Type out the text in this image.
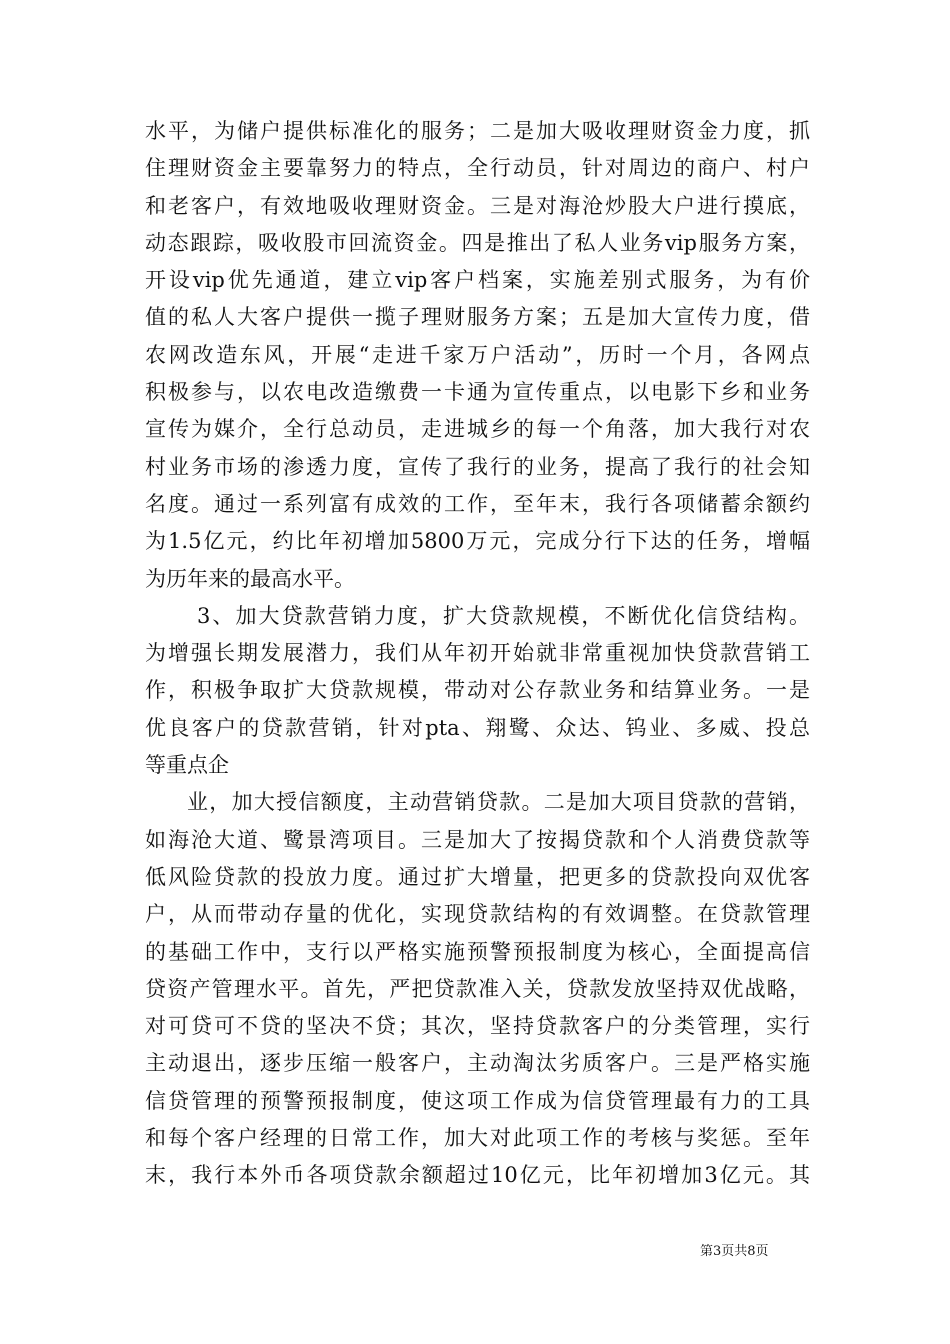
水平，为储户提供标准化的服务；二是加大吸收理财资金力度，抓
住理财资金主要靠努力的特点，全行动员，针对周边的商户、村户
和老客户，有效地吸收理财资金。三是对海沧炒股大户进行摸底，
动态跟踪，吸收股市回流资金。四是推出了私人业务vip服务方案，
开设vip优先通道，建立vip客户档案，实施差别式服务，为有价
值的私人大客户提供一揽子理财服务方案；五是加大宣传力度，借
农网改造东风，开展“走进千家万户活动”，历时一个月，各网点
积极参与，以农电改造缴费一卡通为宣传重点，以电影下乡和业务
宣传为媒介，全行总动员，走进城乡的每一个角落，加大我行对农
村业务市场的渗透力度，宣传了我行的业务，提高了我行的社会知
名度。通过一系列富有成效的工作，至年末，我行各项储蓄余额约
为1.5亿元，约比年初增加5800万元，完成分行下达的任务，增幅
为历年来的最高水平。
3、加大贷款营销力度，扩大贷款规模，不断优化信贷结构。
为增强长期发展潜力，我们从年初开始就非常重视加快贷款营销工
作，积极争取扩大贷款规模，带动对公存款业务和结算业务。一是
优良客户的贷款营销，针对pta、翔鹭、众达、钨业、多威、投总
等重点企
业，加大授信额度，主动营销贷款。二是加大项目贷款的营销，
如海沧大道、鹭景湾项目。三是加大了按揭贷款和个人消费贷款等
低风险贷款的投放力度。通过扩大增量，把更多的贷款投向双优客
户，从而带动存量的优化，实现贷款结构的有效调整。在贷款管理
的基础工作中，支行以严格实施预警预报制度为核心，全面提高信
贷资产管理水平。首先，严把贷款准入关，贷款发放坚持双优战略，
对可贷可不贷的坚决不贷；其次，坚持贷款客户的分类管理，实行
主动退出，逐步压缩一般客户，主动淘汰劣质客户。三是严格实施
信贷管理的预警预报制度，使这项工作成为信贷管理最有力的工具
和每个客户经理的日常工作，加大对此项工作的考核与奖惩。至年
末，我行本外币各项贷款余额超过10亿元，比年初增加3亿元。其
第3页共8页
